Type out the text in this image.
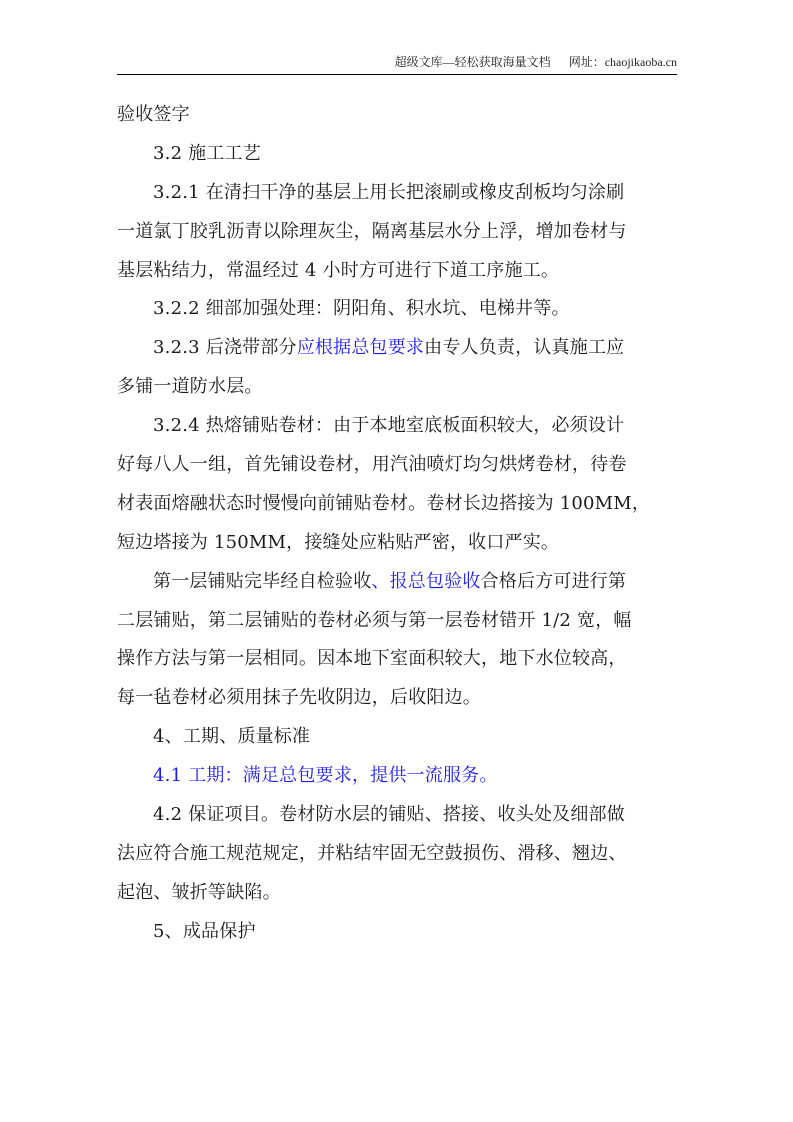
超级文库—轻松获取海量文档 网址：chaojikaoba.cn
验收签字
3.2 施工工艺
3.2.1 在清扫干净的基层上用长把滚刷或橡皮刮板均匀涂刷
一道氯丁胶乳沥青以除理灰尘，隔离基层水分上浮，增加卷材与
基层粘结力，常温经过 4 小时方可进行下道工序施工。
3.2.2 细部加强处理：阴阳角、积水坑、电梯井等。
3.2.3 后浇带部分应根据总包要求由专人负责，认真施工应
多铺一道防水层。
3.2.4 热熔铺贴卷材：由于本地室底板面积较大，必须设计
好每八人一组，首先铺设卷材，用汽油喷灯均匀烘烤卷材，待卷
材表面熔融状态时慢慢向前铺贴卷材。卷材长边搭接为 100MM，
短边塔接为 150MM，接缝处应粘贴严密，收口严实。
第一层铺贴完毕经自检验收、报总包验收合格后方可进行第
二层铺贴，第二层铺贴的卷材必须与第一层卷材错开 1/2 宽，幅
操作方法与第一层相同。因本地下室面积较大，地下水位较高，
每一毡卷材必须用抹子先收阴边，后收阳边。
4、工期、质量标准
4.1 工期：满足总包要求，提供一流服务。
4.2 保证项目。卷材防水层的铺贴、搭接、收头处及细部做
法应符合施工规范规定，并粘结牢固无空鼓损伤、滑移、翘边、
起泡、皱折等缺陷。
5、成品保护
